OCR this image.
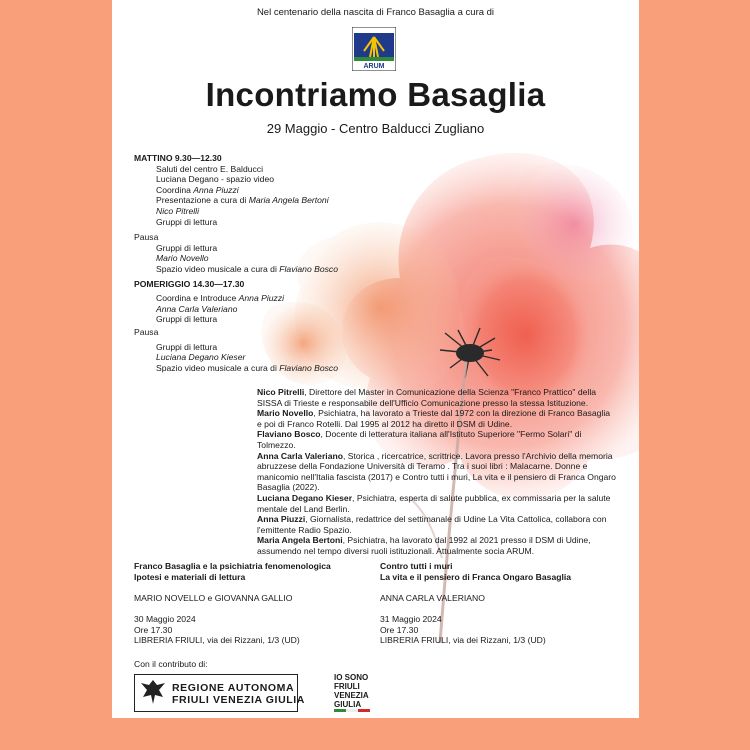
Nel centenario della nascita di Franco Basaglia a cura di
ARUM
Incontriamo Basaglia
29 Maggio - Centro Balducci Zugliano
MATTINO 9.30—12.30
Saluti del centro E. Balducci
Luciana Degano - spazio video
Coordina Anna Piuzzi
Presentazione a cura di Maria Angela Bertoni
Nico Pitrelli
Gruppi di lettura
Pausa
Gruppi di lettura
Mario Novello
Spazio video musicale a cura di Flaviano Bosco
POMERIGGIO 14.30—17.30
Coordina e Introduce Anna Piuzzi
Anna Carla Valeriano
Gruppi di lettura
Pausa
Gruppi di lettura
Luciana Degano Kieser
Spazio video musicale a cura di Flaviano Bosco
Nico Pitrelli, Direttore del Master in Comunicazione della Scienza "Franco Prattico" della SISSA di Trieste e responsabile dell'Ufficio Comunicazione presso la stessa Istituzione.
Mario Novello, Psichiatra, ha lavorato a Trieste dal 1972 con la direzione di Franco Basaglia e poi di Franco Rotelli. Dal 1995 al 2012 ha diretto il DSM di Udine.
Flaviano Bosco, Docente di letteratura italiana all'Istituto Superiore "Fermo Solari" di Tolmezzo.
Anna Carla Valeriano, Storica , ricercatrice, scrittrice. Lavora presso l'Archivio della memoria abruzzese della Fondazione Università di Teramo . Tra i suoi libri : Malacarne. Donne e manicomio nell'Italia fascista (2017) e Contro tutti i muri, La vita e il pensiero di Franca Ongaro Basaglia (2022).
Luciana Degano Kieser, Psichiatra, esperta di salute pubblica, ex commissaria per la salute mentale del Land Berlin.
Anna Piuzzi, Giornalista, redattrice del settimanale di Udine La Vita Cattolica, collabora con l'emittente Radio Spazio.
Maria Angela Bertoni, Psichiatra, ha lavorato dal 1992 al 2021 presso il DSM di Udine, assumendo nel tempo diversi ruoli istituzionali. Attualmente socia ARUM.
Franco Basaglia e la psichiatria fenomenologica
Ipotesi e materiali di lettura
MARIO NOVELLO e GIOVANNA GALLIO
30 Maggio 2024
Ore 17.30
LIBRERIA FRIULI, via dei Rizzani, 1/3 (UD)
Contro tutti i muri
La vita e il pensiero di Franca Ongaro Basaglia
ANNA CARLA VALERIANO
31 Maggio 2024
Ore 17.30
LIBRERIA FRIULI, via dei Rizzani, 1/3 (UD)
Con il contributo di:
REGIONE AUTONOMA
FRIULI VENEZIA GIULIA
IO SONO
FRIULI
VENEZIA
GIULIA
